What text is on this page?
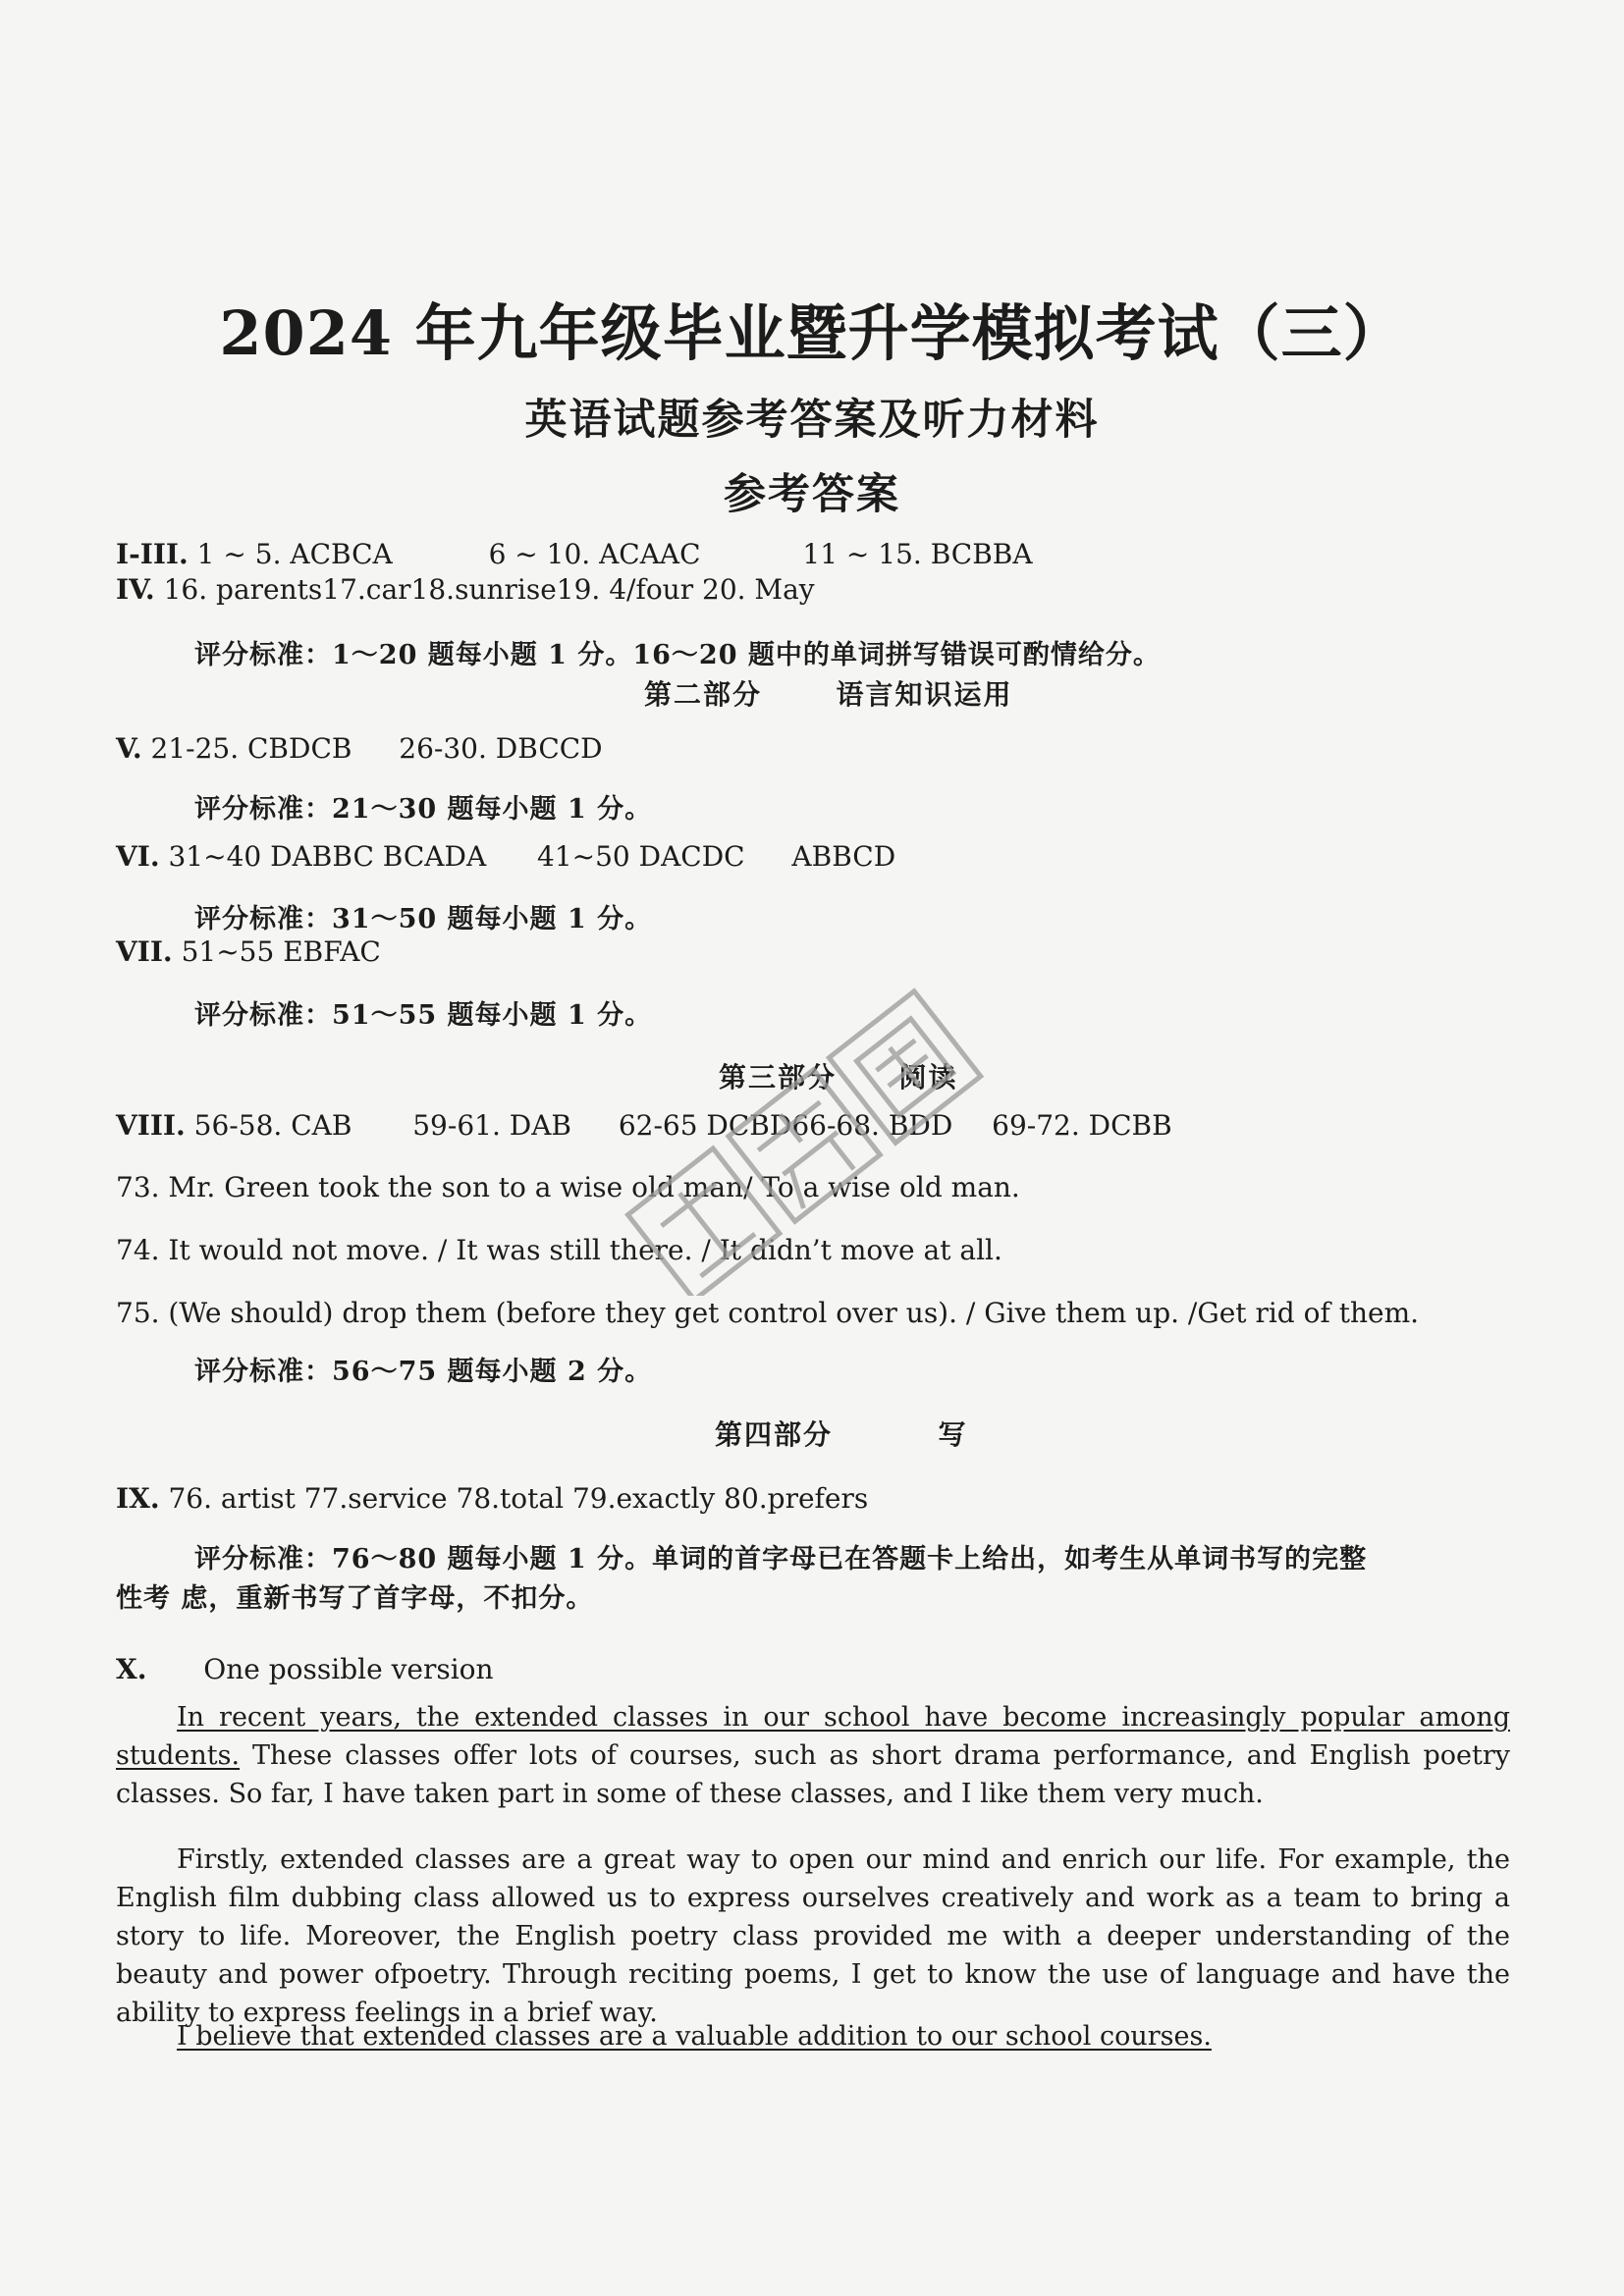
2024 年九年级毕业暨升学模拟考试（三）
英语试题参考答案及听力材料
参考答案
I-III. 1 ~ 5. ACBCA	6 ~ 10. ACAAC	11 ~ 15. BCBBA
IV. 16. parents17.car18.sunrise19. 4/four 20. May
评分标准：1～20 题每小题 1 分。16～20 题中的单词拼写错误可酌情给分。
第二部分	语言知识运用
V. 21-25. CBDCB 26-30. DBCCD
评分标准：21～30 题每小题 1 分。
VI. 31~40 DABBC BCADA 41~50 DACDC ABBCD
评分标准：31～50 题每小题 1 分。
VII. 51~55 EBFAC
评分标准：51～55 题每小题 1 分。
第三部分 阅读
VIII. 56-58. CAB 59-61. DAB 62-65 DCBD66-68. BDD 69-72. DCBB
73. Mr. Green took the son to a wise old man/ To a wise old man.
74. It would not move. / It was still there. / It didn’t move at all.
75. (We should) drop them (before they get control over us). / Give them up. /Get rid of them.
评分标准：56～75 题每小题 2 分。
第四部分	写
IX. 76. artist 77.service 78.total 79.exactly 80.prefers
评分标准：76～80 题每小题 1 分。单词的首字母已在答题卡上给出，如考生从单词书写的完整
性考 虑，重新书写了首字母，不扣分。
X. One possible version
In recent years, the extended classes in our school have become increasingly popular among students. These classes offer lots of courses, such as short drama performance, and English poetry classes. So far, I have taken part in some of these classes, and I like them very much.
Firstly, extended classes are a great way to open our mind and enrich our life. For example, the English film dubbing class allowed us to express ourselves creatively and work as a team to bring a story to life. Moreover, the English poetry class provided me with a deeper understanding of the beauty and power ofpoetry. Through reciting poems, I get to know the use of language and have the ability to express feelings in a brief way.
I believe that extended classes are a valuable addition to our school courses.
